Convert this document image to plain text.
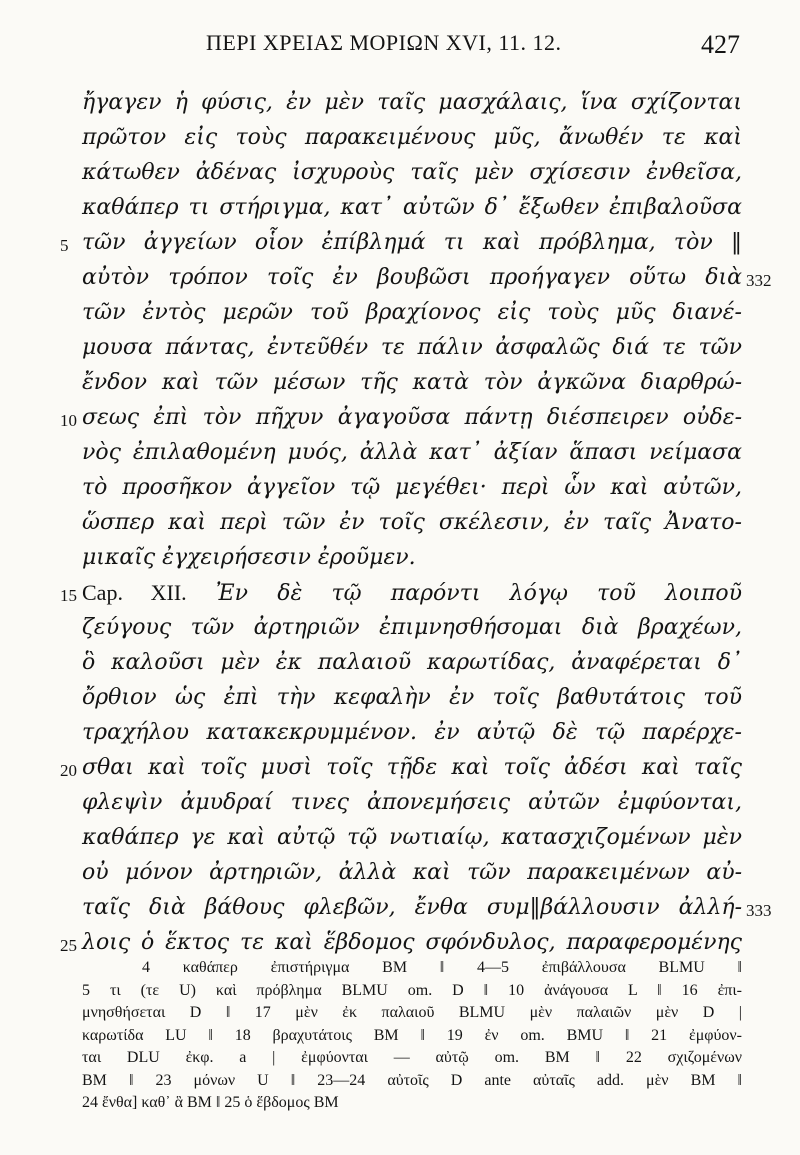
ΠΕΡΙ ΧΡΕΙΑΣ ΜΟΡΙΩΝ XVI, 11. 12.	427
ἤγαγεν ἡ φύσις, ἐν μὲν ταῖς μασχάλαις, ἵνα σχίζονται
πρῶτον εἰς τοὺς παρακειμένους μῦς, ἄνωθέν τε καὶ
κάτωθεν ἀδένας ἰσχυροὺς ταῖς μὲν σχίσεσιν ἐνθεῖσα,
καθάπερ τι στήριγμα, κατ᾽ αὐτῶν δ᾽ ἔξωθεν ἐπιβαλοῦσα
5 τῶν ἀγγείων οἷον ἐπίβλημά τι καὶ πρόβλημα, τὸν ‖
αὐτὸν τρόπον τοῖς ἐν βουβῶσι προήγαγεν οὕτω διὰ 332
τῶν ἐντὸς μερῶν τοῦ βραχίονος εἰς τοὺς μῦς διανέ-
μουσα πάντας, ἐντεῦθέν τε πάλιν ἀσφαλῶς διά τε τῶν
ἔνδον καὶ τῶν μέσων τῆς κατὰ τὸν ἀγκῶνα διαρθρώ-
10 σεως ἐπὶ τὸν πῆχυν ἀγαγοῦσα πάντῃ διέσπειρεν οὐδε-
νὸς ἐπιλαθομένη μυός, ἀλλὰ κατ᾽ ἀξίαν ἅπασι νείμασα
τὸ προσῆκον ἀγγεῖον τῷ μεγέθει· περὶ ὧν καὶ αὐτῶν,
ὥσπερ καὶ περὶ τῶν ἐν τοῖς σκέλεσιν, ἐν ταῖς Ἀνατο-
μικαῖς ἐγχειρήσεσιν ἐροῦμεν.
15 Cap. XII. Ἐν δὲ τῷ παρόντι λόγῳ τοῦ λοιποῦ
ζεύγους τῶν ἀρτηριῶν ἐπιμνησθήσομαι διὰ βραχέων,
ὃ καλοῦσι μὲν ἐκ παλαιοῦ καρωτίδας, ἀναφέρεται δ᾽
ὄρθιον ὡς ἐπὶ τὴν κεφαλὴν ἐν τοῖς βαθυτάτοις τοῦ
τραχήλου κατακεκρυμμένον. ἐν αὐτῷ δὲ τῷ παρέρχε-
20 σθαι καὶ τοῖς μυσὶ τοῖς τῇδε καὶ τοῖς ἀδέσι καὶ ταῖς
φλεψὶν ἀμυδραί τινες ἀπονεμήσεις αὐτῶν ἐμφύονται,
καθάπερ γε καὶ αὐτῷ τῷ νωτιαίῳ, κατασχιζομένων μὲν
οὐ μόνον ἀρτηριῶν, ἀλλὰ καὶ τῶν παρακειμένων αὐ-
ταῖς διὰ βάθους φλεβῶν, ἔνθα συμ‖βάλλουσιν ἀλλή- 333
25 λοις ὁ ἕκτος τε καὶ ἕβδομος σφόνδυλος, παραφερομένης
4 καθάπερ ἐπιστήριγμα BM ‖ 4—5 ἐπιβάλλουσα BLMU ‖
5 τι (τε U) καὶ πρόβλημα BLMU om. D ‖ 10 ἀνάγουσα L ‖ 16 ἐπι-
μνησθήσεται D ‖ 17 μὲν ἐκ παλαιοῦ BLMU μὲν παλαιῶν μὲν D |
καρωτίδα LU ‖ 18 βραχυτάτοις BM ‖ 19 ἐν om. BMU ‖ 21 ἐμφύον-
ται DLU ἐκφ. a | ἐμφύονται — αὐτῷ om. BM ‖ 22 σχιζομένων
BM ‖ 23 μόνων U ‖ 23—24 αὐτοῖς D ante αὐταῖς add. μὲν BM ‖
24 ἔνθα] καθ᾽ ἃ BM ‖ 25 ὁ ἕβδομος BM
